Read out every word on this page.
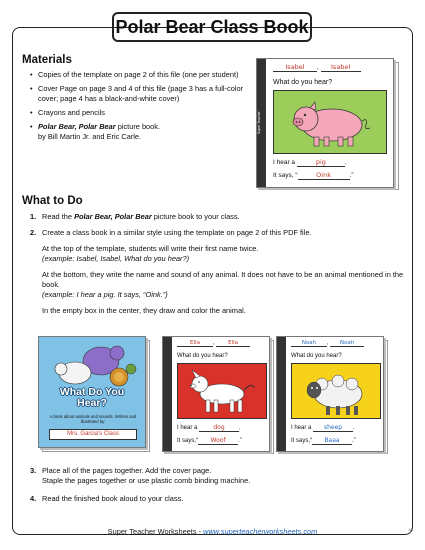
Polar Bear Class Book
Materials
• Copies of the template on page 2 of this file (one per student)
• Cover Page on page 3 and 4 of this file (page 3 has a full-color cover; page 4 has a black-and-white cover)
• Crayons and pencils
• Polar Bear, Polar Bear picture book.
by Bill Martin Jr. and Eric Carle.
Super Teacher
Isabel , Isabel
What do you hear?
I hear a	pig	.
It says, “	Oink	.”
What to Do
1. Read the Polar Bear, Polar Bear picture book to your class.
2. Create a class book in a similar style using the template on page 2 of this PDF file.
At the top of the template, students will write their first name twice.
(example: Isabel, Isabel, What do you hear?)
At the bottom, they write the name and sound of any animal. It does not have to be an animal mentioned in the book.
(example: I hear a pig. It says, “Oink.”)
In the empty box in the center, they draw and color the animal.
What Do You Hear?
A book about animals and sounds. Written and illustrated by:
Mrs. Garcia's Class
Ella , Ella
What do you hear?
I hear a	dog .
It says,“ Woof .”
Noah , Noah
What do you hear?
I hear a sheep .
It says,“ Baaa .”
3. Place all of the pages together. Add the cover page.
Staple the pages together or use plastic comb binding machine.
4. Read the finished book aloud to your class.
Super Teacher Worksheets - www.superteacherworksheets.com	43
